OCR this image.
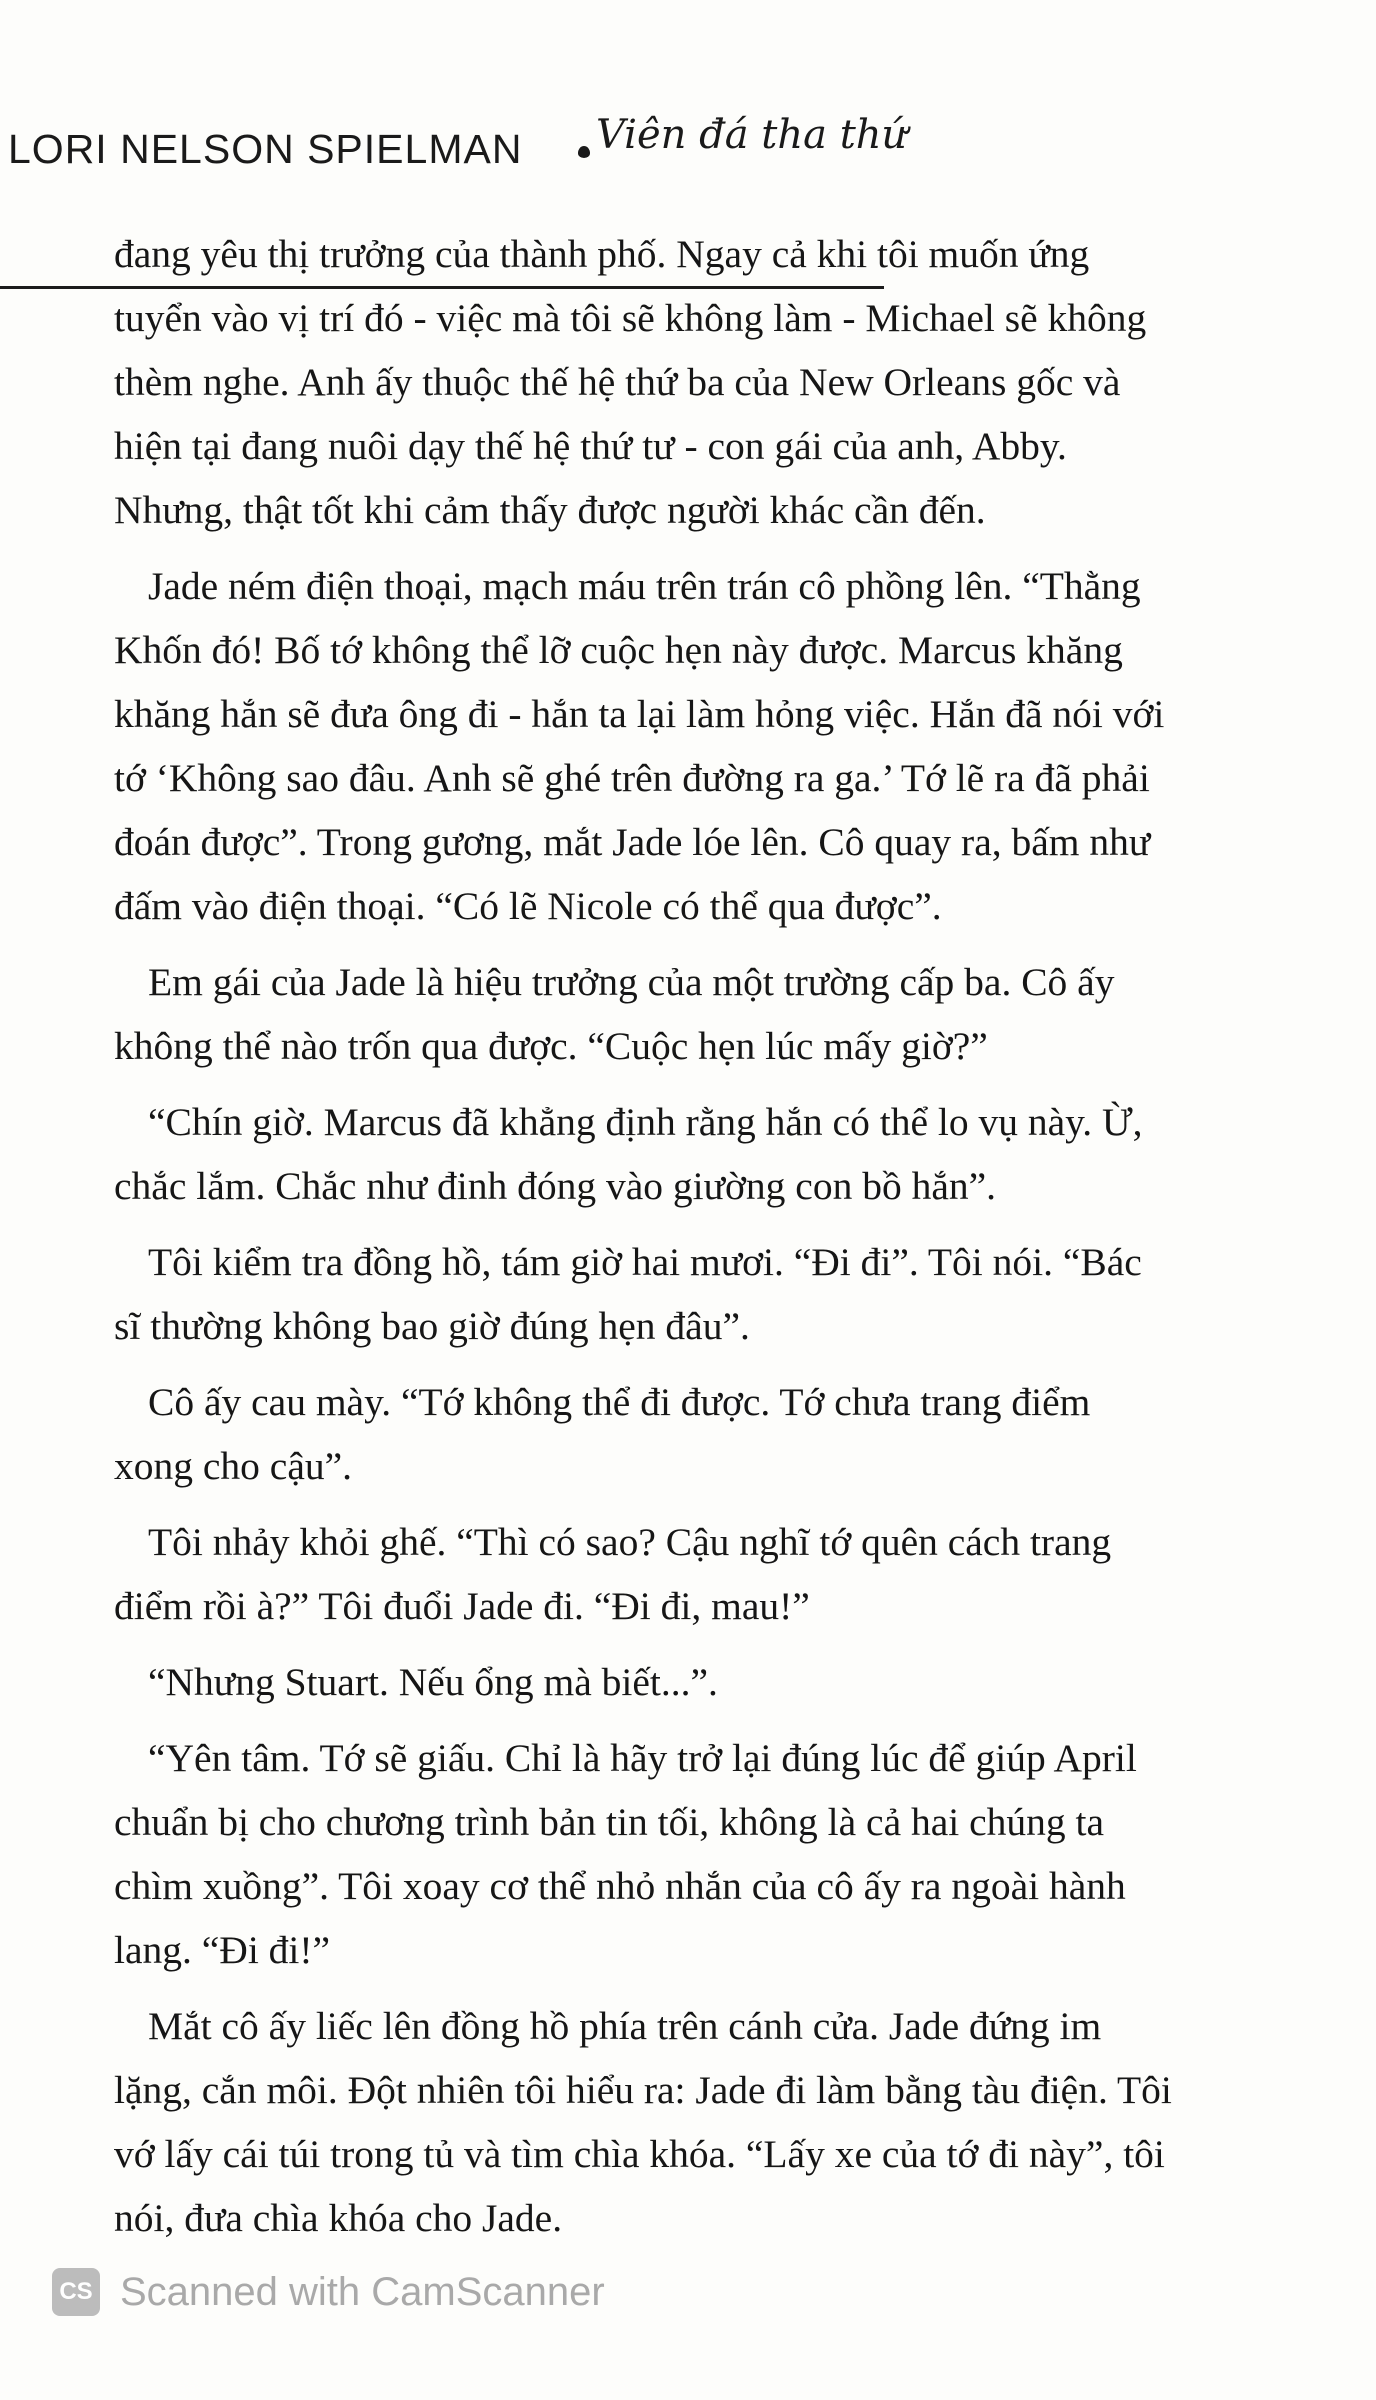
LORI NELSON SPIELMAN Viên đá tha thứ

đang yêu thị trưởng của thành phố. Ngay cả khi tôi muốn ứng
tuyển vào vị trí đó - việc mà tôi sẽ không làm - Michael sẽ không
thèm nghe. Anh ấy thuộc thế hệ thứ ba của New Orleans gốc và
hiện tại đang nuôi dạy thế hệ thứ tư - con gái của anh, Abby.
Nhưng, thật tốt khi cảm thấy được người khác cần đến.

Jade ném điện thoại, mạch máu trên trán cô phồng lên. “Thằng
Khốn đó! Bố tớ không thể lỡ cuộc hẹn này được. Marcus khăng
khăng hắn sẽ đưa ông đi - hắn ta lại làm hỏng việc. Hắn đã nói với
tớ ‘Không sao đâu. Anh sẽ ghé trên đường ra ga.’ Tớ lẽ ra đã phải
đoán được”. Trong gương, mắt Jade lóe lên. Cô quay ra, bấm như
đấm vào điện thoại. “Có lẽ Nicole có thể qua được”.

Em gái của Jade là hiệu trưởng của một trường cấp ba. Cô ấy
không thể nào trốn qua được. “Cuộc hẹn lúc mấy giờ?”

“Chín giờ. Marcus đã khẳng định rằng hắn có thể lo vụ này. Ừ,
chắc lắm. Chắc như đinh đóng vào giường con bồ hắn”.

Tôi kiểm tra đồng hồ, tám giờ hai mươi. “Đi đi”. Tôi nói. “Bác
sĩ thường không bao giờ đúng hẹn đâu”.

Cô ấy cau mày. “Tớ không thể đi được. Tớ chưa trang điểm
xong cho cậu”.

Tôi nhảy khỏi ghế. “Thì có sao? Cậu nghĩ tớ quên cách trang
điểm rồi à?” Tôi đuổi Jade đi. “Đi đi, mau!”

“Nhưng Stuart. Nếu ổng mà biết...”.

“Yên tâm. Tớ sẽ giấu. Chỉ là hãy trở lại đúng lúc để giúp April
chuẩn bị cho chương trình bản tin tối, không là cả hai chúng ta
chìm xuồng”. Tôi xoay cơ thể nhỏ nhắn của cô ấy ra ngoài hành
lang. “Đi đi!”

Mắt cô ấy liếc lên đồng hồ phía trên cánh cửa. Jade đứng im
lặng, cắn môi. Đột nhiên tôi hiểu ra: Jade đi làm bằng tàu điện. Tôi
vớ lấy cái túi trong tủ và tìm chìa khóa. “Lấy xe của tớ đi này”, tôi
nói, đưa chìa khóa cho Jade.

CS Scanned with CamScanner
